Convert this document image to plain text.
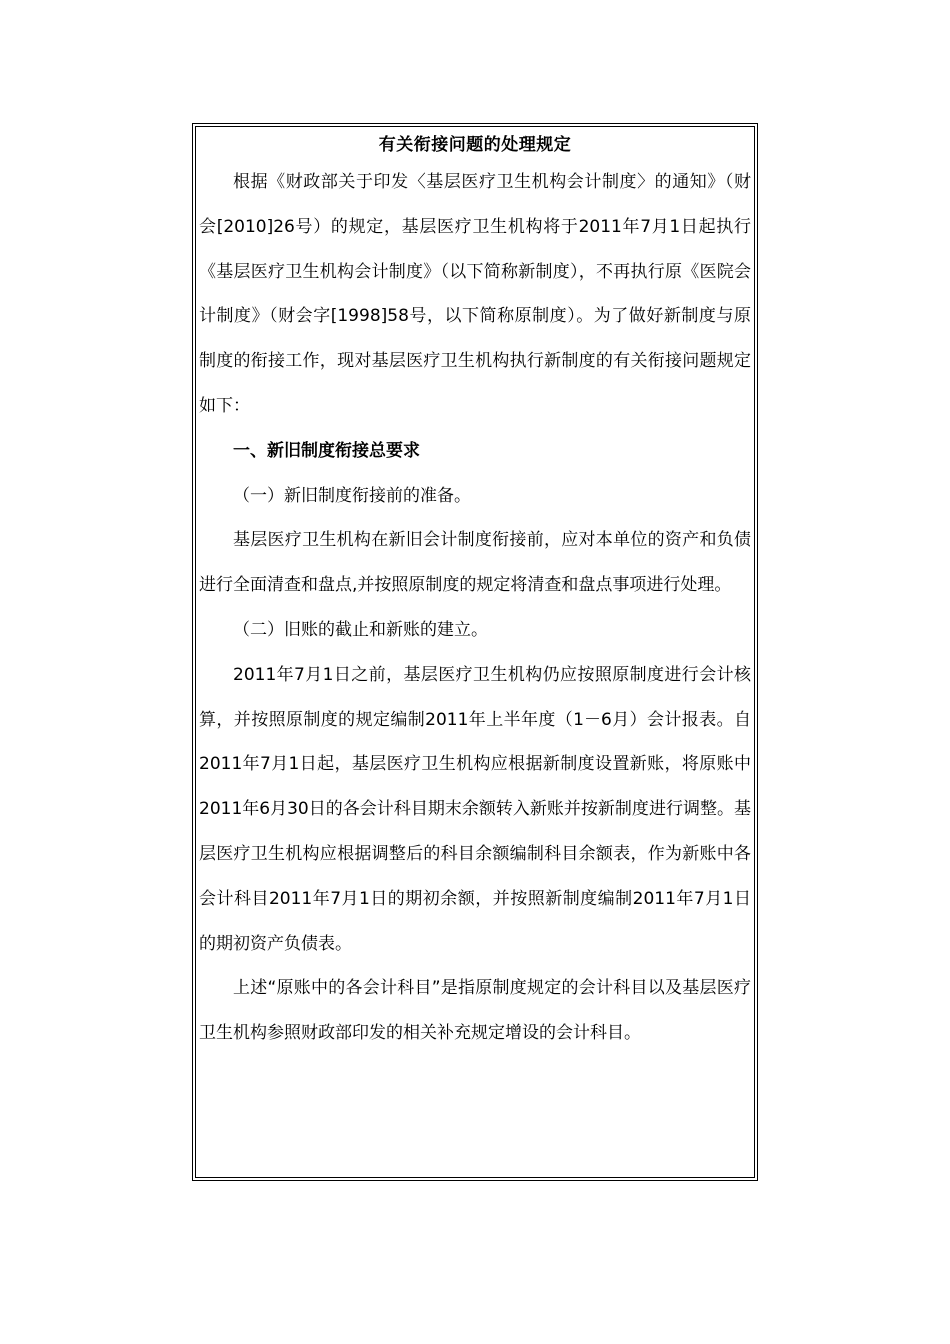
有关衔接问题的处理规定

根据《财政部关于印发〈基层医疗卫生机构会计制度〉的通知》（财会[2010]26号）的规定，基层医疗卫生机构将于2011年7月1日起执行《基层医疗卫生机构会计制度》（以下简称新制度），不再执行原《医院会计制度》（财会字[1998]58号，以下简称原制度）。为了做好新制度与原制度的衔接工作，现对基层医疗卫生机构执行新制度的有关衔接问题规定如下：

一、新旧制度衔接总要求

（一）新旧制度衔接前的准备。

基层医疗卫生机构在新旧会计制度衔接前，应对本单位的资产和负债进行全面清查和盘点,并按照原制度的规定将清查和盘点事项进行处理。

（二）旧账的截止和新账的建立。

2011年7月1日之前，基层医疗卫生机构仍应按照原制度进行会计核算，并按照原制度的规定编制2011年上半年度（1－6月）会计报表。自2011年7月1日起，基层医疗卫生机构应根据新制度设置新账，将原账中2011年6月30日的各会计科目期末余额转入新账并按新制度进行调整。基层医疗卫生机构应根据调整后的科目余额编制科目余额表，作为新账中各会计科目2011年7月1日的期初余额，并按照新制度编制2011年7月1日的期初资产负债表。

上述“原账中的各会计科目”是指原制度规定的会计科目以及基层医疗卫生机构参照财政部印发的相关补充规定增设的会计科目。
